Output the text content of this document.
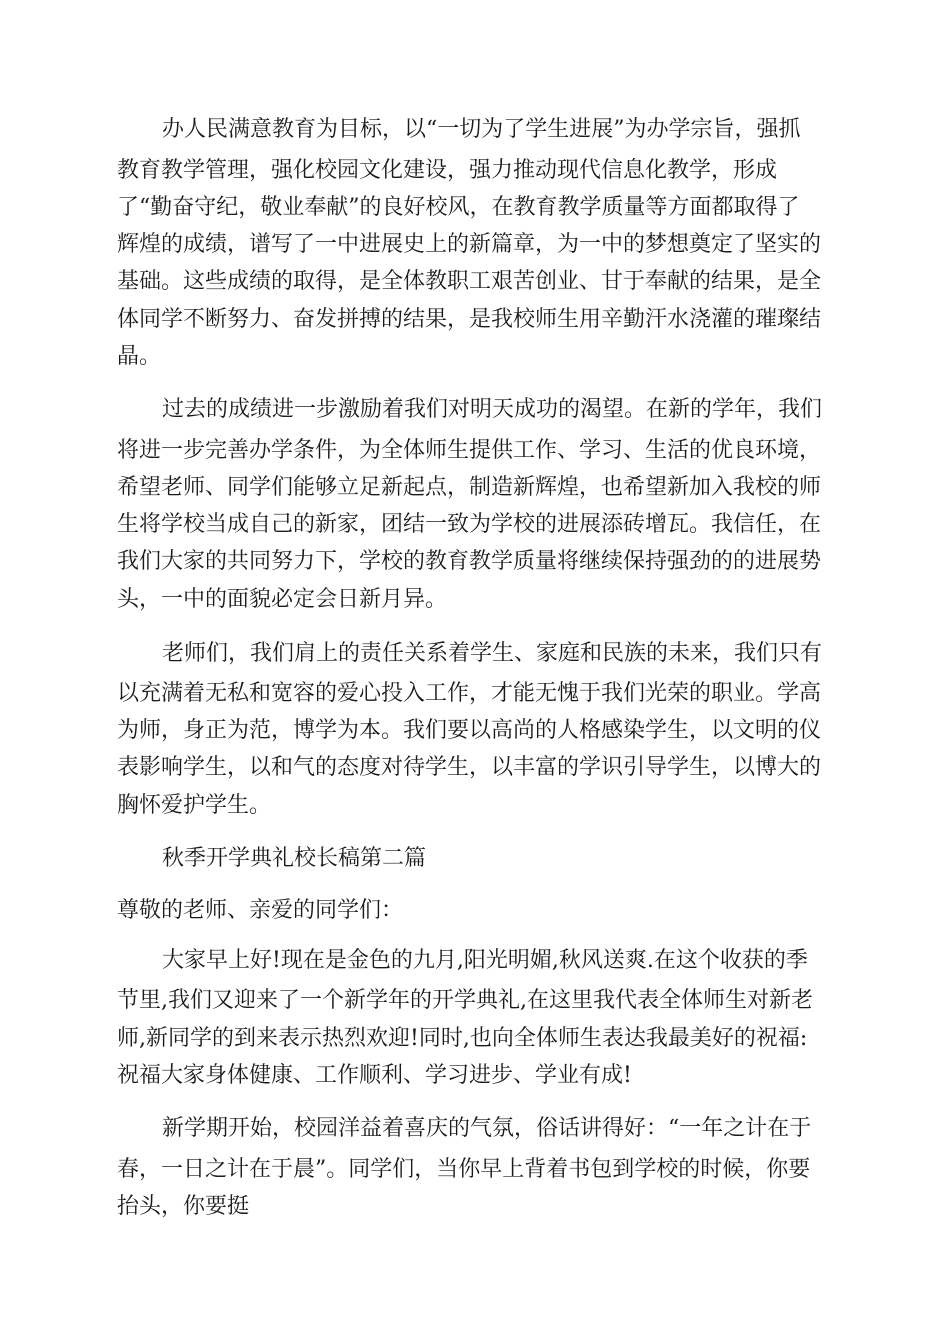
办人民满意教育为目标，以“一切为了学生进展”为办学宗旨，强抓

教育教学管理，强化校园文化建设，强力推动现代信息化教学，形成

了“勤奋守纪，敬业奉献”的良好校风，在教育教学质量等方面都取得了

辉煌的成绩，谱写了一中进展史上的新篇章，为一中的梦想奠定了坚实的

基础。这些成绩的取得，是全体教职工艰苦创业、甘于奉献的结果，是全

体同学不断努力、奋发拼搏的结果，是我校师生用辛勤汗水浇灌的璀璨结

晶。

过去的成绩进一步激励着我们对明天成功的渴望。在新的学年，我们

将进一步完善办学条件，为全体师生提供工作、学习、生活的优良环境，

希望老师、同学们能够立足新起点，制造新辉煌，也希望新加入我校的师

生将学校当成自己的新家，团结一致为学校的进展添砖增瓦。我信任，在

我们大家的共同努力下，学校的教育教学质量将继续保持强劲的的进展势

头，一中的面貌必定会日新月异。

老师们，我们肩上的责任关系着学生、家庭和民族的未来，我们只有

以充满着无私和宽容的爱心投入工作，才能无愧于我们光荣的职业。学高

为师，身正为范，博学为本。我们要以高尚的人格感染学生，以文明的仪

表影响学生，以和气的态度对待学生，以丰富的学识引导学生，以博大的

胸怀爱护学生。

秋季开学典礼校长稿第二篇

尊敬的老师、亲爱的同学们：

大家早上好!现在是金色的九月,阳光明媚,秋风送爽.在这个收获的季

节里,我们又迎来了一个新学年的开学典礼,在这里我代表全体师生对新老

师,新同学的到来表示热烈欢迎!同时,也向全体师生表达我最美好的祝福:

祝福大家身体健康、工作顺利、学习进步、学业有成!

新学期开始，校园洋益着喜庆的气氛，俗话讲得好：“一年之计在于

春，一日之计在于晨”。同学们，当你早上背着书包到学校的时候，你要

抬头，你要挺
